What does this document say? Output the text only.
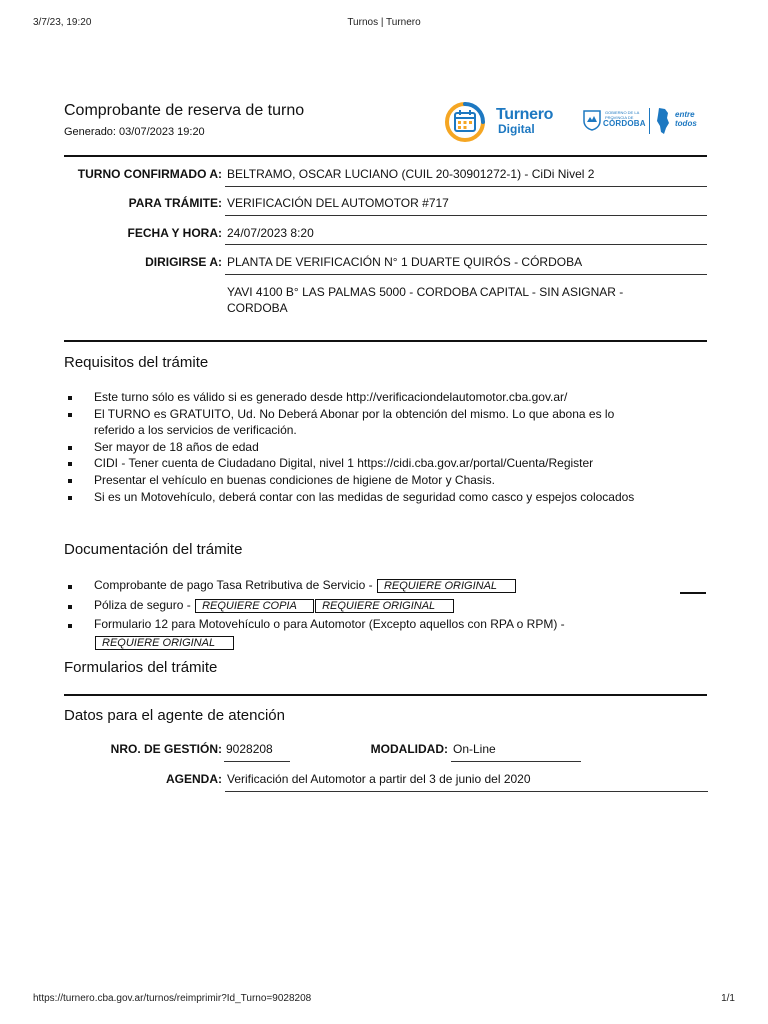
3/7/23, 19:20	Turnos | Turnero
Comprobante de reserva de turno
Generado: 03/07/2023 19:20
Turnero
Digital
GOBIERNO DE LA PROVINCIA DE
CÓRDOBA
entre
todos
TURNO CONFIRMADO A: BELTRAMO, OSCAR LUCIANO (CUIL 20-30901272-1) - CiDi Nivel 2
PARA TRÁMITE: VERIFICACIÓN DEL AUTOMOTOR #717
FECHA Y HORA: 24/07/2023 8:20
DIRIGIRSE A: PLANTA DE VERIFICACIÓN N° 1 DUARTE QUIRÓS - CÓRDOBA
YAVI 4100 B° LAS PALMAS 5000 - CORDOBA CAPITAL - SIN ASIGNAR -
CORDOBA
Requisitos del trámite
Este turno sólo es válido si es generado desde http://verificaciondelautomotor.cba.gov.ar/
El TURNO es GRATUITO, Ud. No Deberá Abonar por la obtención del mismo. Lo que abona es lo referido a los servicios de verificación.
Ser mayor de 18 años de edad
CIDI - Tener cuenta de Ciudadano Digital, nivel 1 https://cidi.cba.gov.ar/portal/Cuenta/Register
Presentar el vehículo en buenas condiciones de higiene de Motor y Chasis.
Si es un Motovehículo, deberá contar con las medidas de seguridad como casco y espejos colocados
Documentación del trámite
Comprobante de pago Tasa Retributiva de Servicio - REQUIERE ORIGINAL
Póliza de seguro - REQUIERE COPIA REQUIERE ORIGINAL
Formulario 12 para Motovehículo o para Automotor (Excepto aquellos con RPA o RPM) -
REQUIERE ORIGINAL
Formularios del trámite
Datos para el agente de atención
NRO. DE GESTIÓN: 9028208	MODALIDAD: On-Line
AGENDA: Verificación del Automotor a partir del 3 de junio del 2020
https://turnero.cba.gov.ar/turnos/reimprimir?Id_Turno=9028208	1/1
